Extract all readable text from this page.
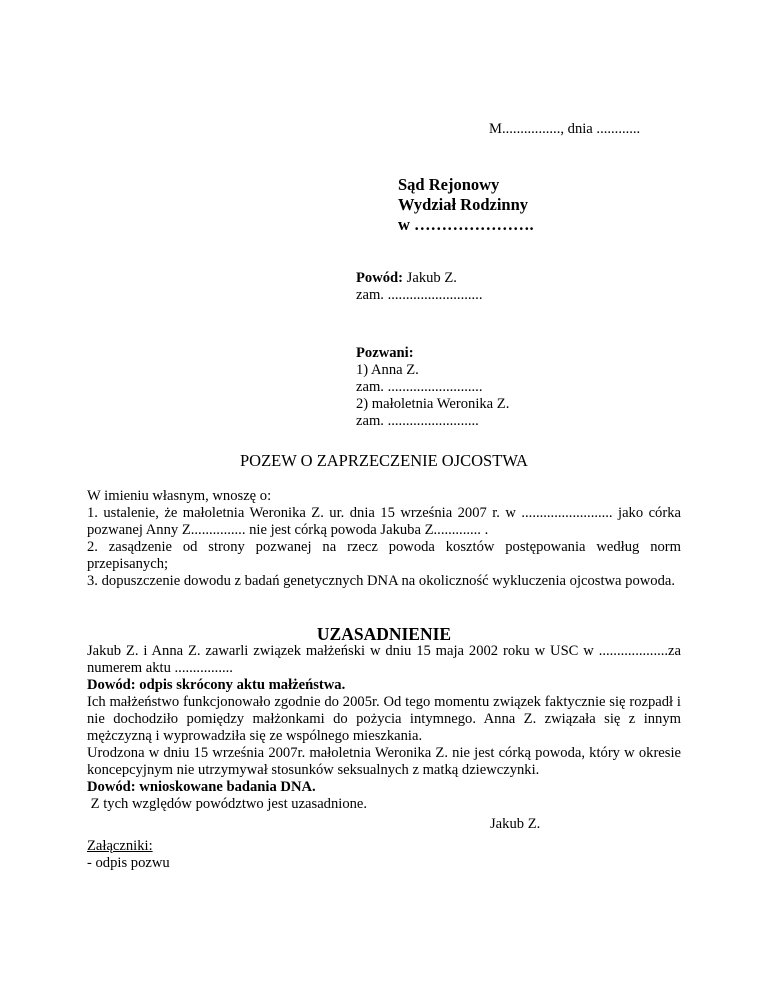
M................, dnia ............
Sąd Rejonowy
Wydział Rodzinny
w ………………….
Powód: Jakub Z.
zam. ..........................
Pozwani:
1) Anna Z.
zam. ..........................
2) małoletnia Weronika Z.
zam. .........................
POZEW O ZAPRZECZENIE OJCOSTWA

W imieniu własnym, wnoszę o:

1. ustalenie, że małoletnia Weronika Z. ur. dnia 15 września 2007 r. w ......................... jako córka pozwanej Anny Z............... nie jest córką powoda Jakuba Z............. .

2. zasądzenie od strony pozwanej na rzecz powoda kosztów postępowania według norm przepisanych;

3. dopuszczenie dowodu z badań genetycznych DNA na okoliczność wykluczenia ojcostwa powoda.

UZASADNIENIE

Jakub Z. i Anna Z. zawarli związek małżeński w dniu 15 maja 2002 roku w USC w ...................za numerem aktu ................

Dowód: odpis skrócony aktu małżeństwa.

Ich małżeństwo funkcjonowało zgodnie do 2005r. Od tego momentu związek faktycznie się rozpadł i nie dochodziło pomiędzy małżonkami do pożycia intymnego. Anna Z. związała się z innym mężczyzną i wyprowadziła się ze wspólnego mieszkania.

Urodzona w dniu 15 września 2007r. małoletnia Weronika Z. nie jest córką powoda, który w okresie koncepcyjnym nie utrzymywał stosunków seksualnych z matką dziewczynki.

Dowód: wnioskowane badania DNA.

Z tych względów powództwo jest uzasadnione.

Jakub Z.
Załączniki:
- odpis pozwu
